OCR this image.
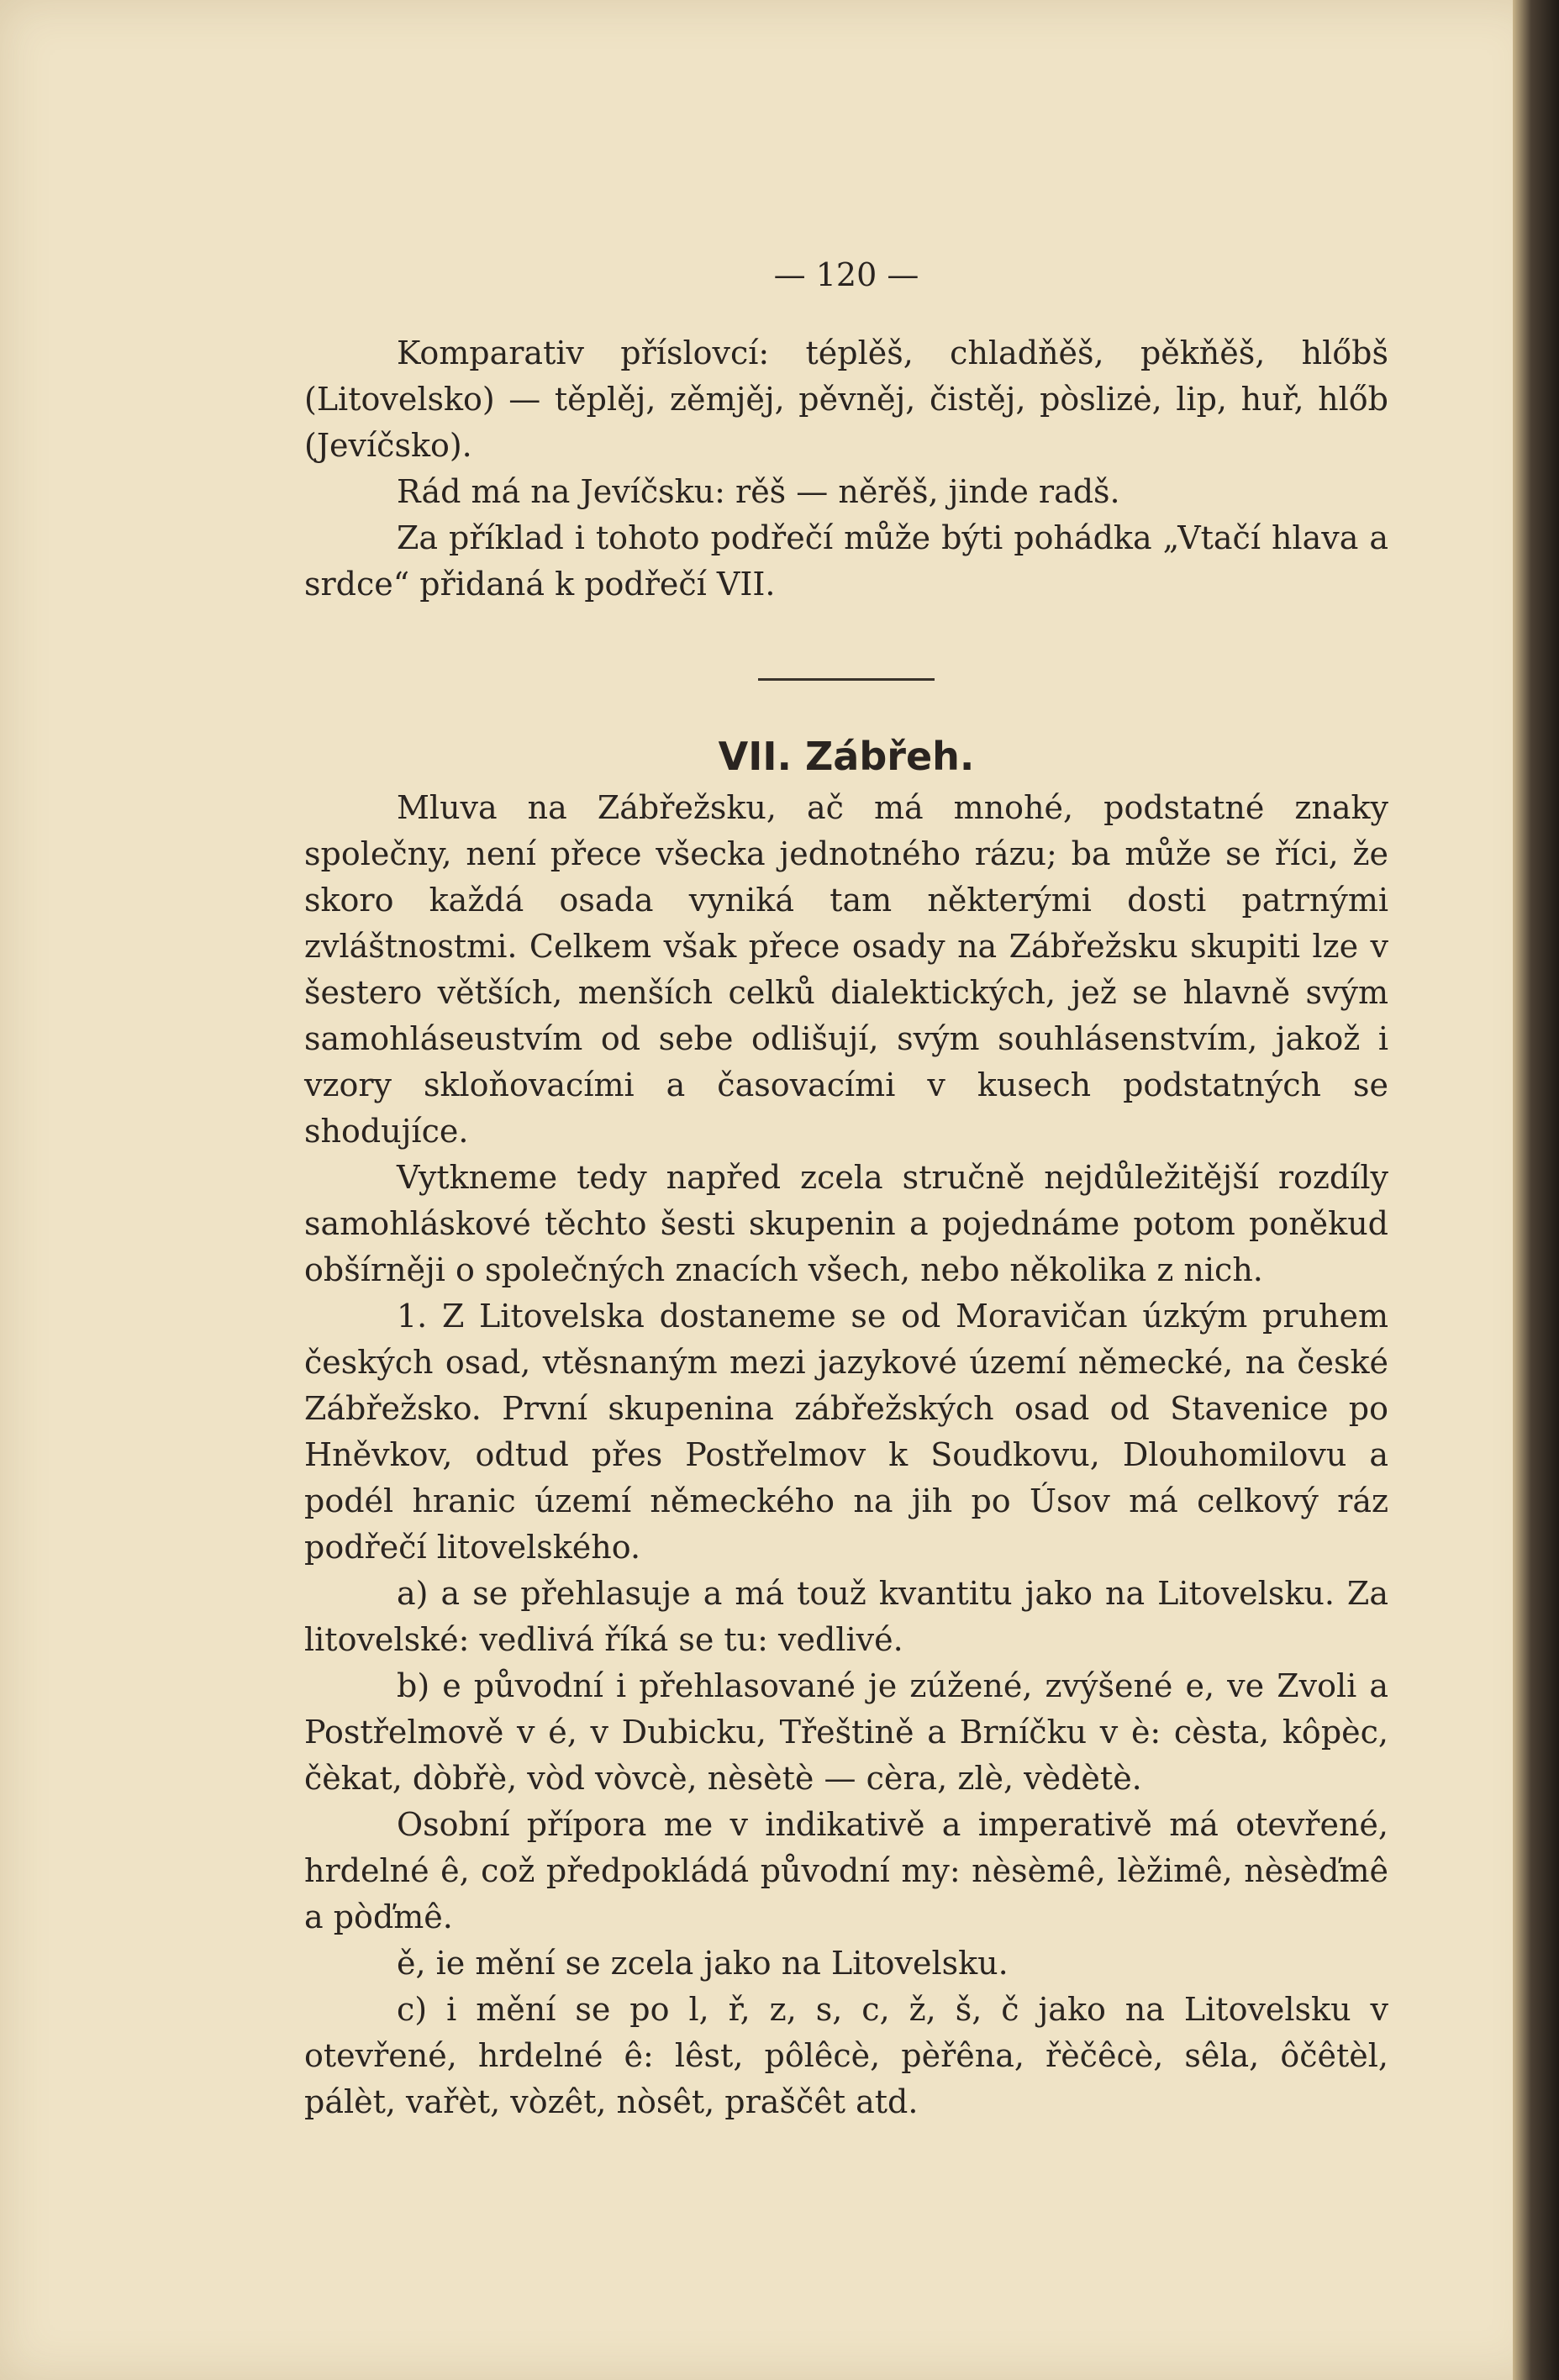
— 120 —

Komparativ příslovcí: téplěš, chladňěš, pěkňěš, hlőbš (Litovelsko) — těplěj, zěmjěj, pěvněj, čistěj, pòslizė, lip, huř, hlőb (Jevíčsko).

Rád má na Jevíčsku: rěš — něrěš, jinde radš.

Za příklad i tohoto podřečí může býti pohádka „Vtačí hlava a srdce“ přidaná k podřečí VII.

VII. Zábřeh.

Mluva na Zábřežsku, ač má mnohé, podstatné znaky společny, není přece všecka jednotného rázu; ba může se říci, že skoro každá osada vyniká tam některými dosti patrnými zvláštnostmi. Celkem však přece osady na Zábřežsku skupiti lze v šestero větších, menších celků dialektických, jež se hlavně svým samohláseustvím od sebe odlišují, svým souhlásenstvím, jakož i vzory skloňovacími a časovacími v kusech podstatných se shodujíce.

Vytkneme tedy napřed zcela stručně nejdůležitější rozdíly samohláskové těchto šesti skupenin a pojednáme potom poněkud obšírněji o společných znacích všech, nebo několika z nich.

1. Z Litovelska dostaneme se od Moravičan úzkým pruhem českých osad, vtěsnaným mezi jazykové území německé, na české Zábřežsko. První skupenina zábřežských osad od Stavenice po Hněvkov, odtud přes Postřelmov k Soudkovu, Dlouhomilovu a podél hranic území německého na jih po Úsov má celkový ráz podřečí litovelského.

a) a se přehlasuje a má touž kvantitu jako na Litovelsku. Za litovelské: vedlivá říká se tu: vedlivé.

b) e původní i přehlasované je zúžené, zvýšené e, ve Zvoli a Postřelmově v é, v Dubicku, Třeštině a Brníčku v è: cèsta, kôpèc, čèkat, dòbřè, vòd vòvcè, nèsètè — cèra, zlè, vèdètè.

Osobní přípora me v indikativě a imperativě má otevřené, hrdelné ê, což předpokládá původní my: nèsèmê, lèžimê, nèsèďmê a pòďmê.

ě, ie mění se zcela jako na Litovelsku.

c) i mění se po l, ř, z, s, c, ž, š, č jako na Litovelsku v otevřené, hrdelné ê: lêst, pôlêcè, pèřêna, řèčêcè, sêla, ôčêtèl, pálèt, vařèt, vòzêt, nòsêt, praščêt atd.
